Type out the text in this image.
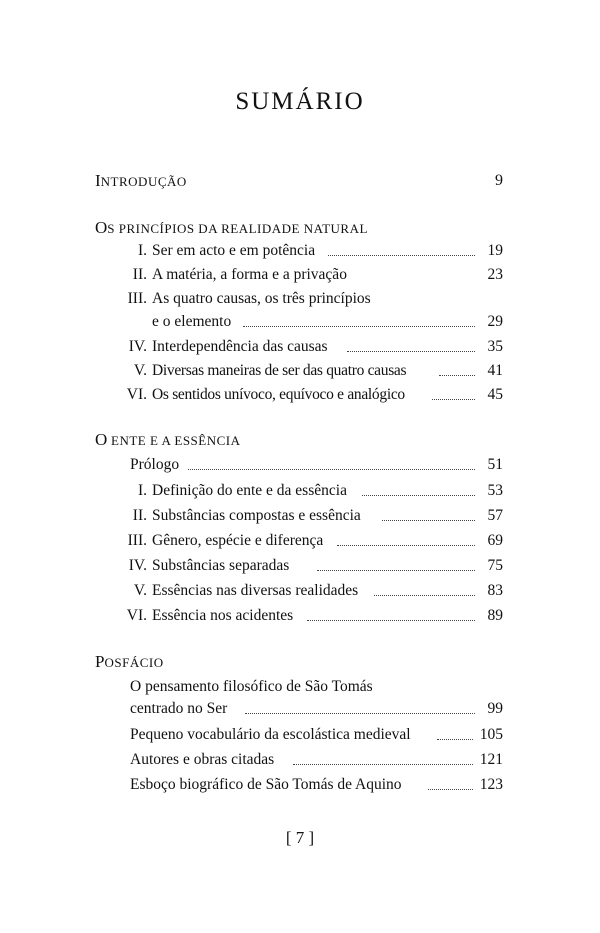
SUMÁRIO
INTRODUÇÃO	9
OS PRINCÍPIOS DA REALIDADE NATURAL
I. Ser em acto e em potência	19
II. A matéria, a forma e a privação	23
III. As quatro causas, os três princípios
e o elemento	29
IV. Interdependência das causas	35
V. Diversas maneiras de ser das quatro causas	41
VI. Os sentidos unívoco, equívoco e analógico	45
O ENTE E A ESSÊNCIA
Prólogo	51
I. Definição do ente e da essência	53
II. Substâncias compostas e essência	57
III. Gênero, espécie e diferença	69
IV. Substâncias separadas	75
V. Essências nas diversas realidades	83
VI. Essência nos acidentes	89
POSFÁCIO
O pensamento filosófico de São Tomás
centrado no Ser	99
Pequeno vocabulário da escolástica medieval	105
Autores e obras citadas	121
Esboço biográfico de São Tomás de Aquino	123
[ 7 ]
